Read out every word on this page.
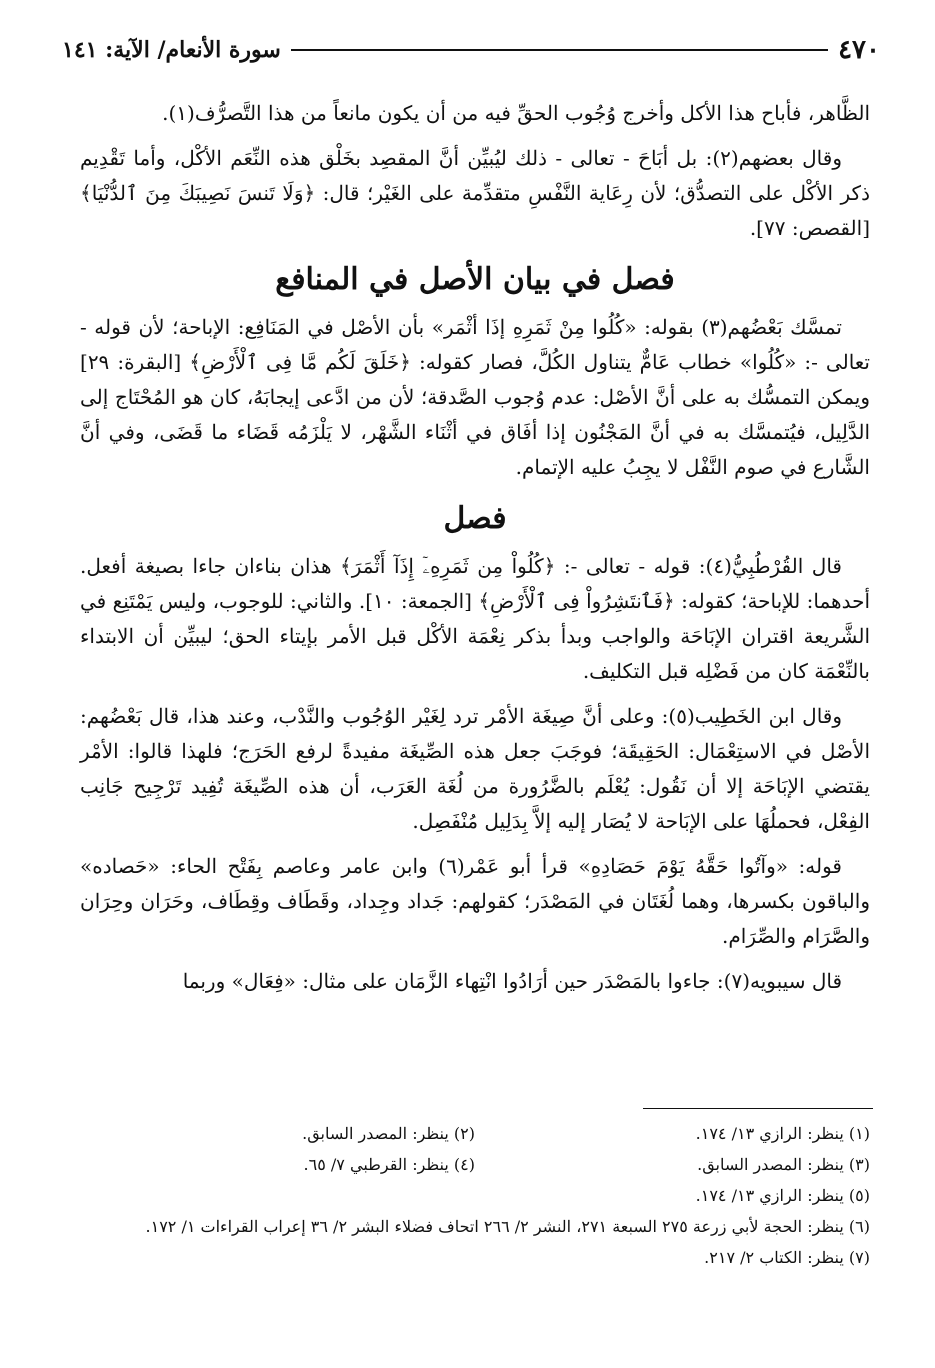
٤٧٠
سورة الأنعام/ الآية: ١٤١

الظَّاهر، فأباح هذا الأكل وأخرج وُجُوب الحقِّ فيه من أن يكون مانعاً من هذا التَّصرُّف(١).

وقال بعضهم(٢): بل أبَاحَ - تعالى - ذلك ليُبيِّن أنَّ المقصِد بخَلْق هذه النِّعَم الأكْل، وأما تَقْدِيم ذكر الأكْل على التصدُّق؛ لأن رِعَاية النَّفْسِ متقدِّمة على الغَيْر؛ قال: ﴿وَلَا تَنسَ نَصِيبَكَ مِنَ ٱلدُّنْيَا﴾ [القصص: ٧٧].

فصل في بيان الأصل في المنافع

تمسَّك بَعْضُهم(٣) بقوله: «كُلُوا مِنْ ثَمَرِهِ إذَا أثْمَر» بأن الأصْل في المَنَافِع: الإباحة؛ لأن قوله - تعالى -: «كُلُوا» خطاب عَامٌّ يتناول الكُلَّ، فصار كقوله: ﴿خَلَقَ لَكُم مَّا فِى ٱلْأَرْضِ﴾ [البقرة: ٢٩] ويمكن التمسُّك به على أنَّ الأصْل: عدم وُجوب الصَّدقة؛ لأن من ادَّعى إيجابَهُ، كان هو المُحْتَاج إلى الدَّلِيل، فيُتمسَّك به في أنَّ المَجْنُون إذا أفَاق في أثْنَاء الشَّهْر، لا يَلْزَمُه قَضَاء ما قَضَى، وفي أنَّ الشَّارع في صوم النَّفْل لا يجِبُ عليه الإتمام.

فصل

قال القُرْطُبِيُّ(٤): قوله - تعالى -: ﴿كُلُواْ مِن ثَمَرِهِۦٓ إِذَآ أَثْمَرَ﴾ هذان بناءان جاءا بصيغة أفعل. أحدهما: للإباحة؛ كقوله: ﴿فَٱنتَشِرُواْ فِى ٱلْأَرْضِ﴾ [الجمعة: ١٠]. والثاني: للوجوب، وليس يَمْتَنِع في الشَّريعة اقتران الإبَاحَة والواجب وبدأ بذكر نِعْمَة الأكْل قبل الأمر بإيتاء الحق؛ ليبيِّن أن الابتداء بالنِّعْمَة كان من فَضْلِه قبل التكليف.

وقال ابن الخَطِيب(٥): وعلى أنَّ صِيغَة الأمْر ترد لِغَيْر الوُجُوب والنَّدْب، وعند هذا، قال بَعْضُهم: الأصْل في الاستِعْمَال: الحَقِيقَة؛ فوجَبَ جعل هذه الصِّيغَة مفيدةً لرفع الحَرَج؛ فلهذا قالوا: الأمْر يقتضي الإبَاحَة إلا أن نَقُول: يُعْلَم بالضَّرُورة من لُغَة العَرَب، أن هذه الصِّيغَة تُفِيد تَرْجِيح جَانِب الفِعْل، فحملُهَا على الإبَاحة لا يُصَار إليه إلاَّ بِدَلِيل مُنْفَصِل.

قوله: «وآتُوا حَقَّهُ يَوْمَ حَصَادِهِ» قرأ أبو عَمْر(٦) وابن عامر وعاصم بِفَتْح الحاء: «حَصاده» والباقون بكسرها، وهما لُغَتَان في المَصْدَر؛ كقولهم: جَداد وجِداد، وقَطَاف وقِطَاف، وحَرَان وحِرَان والصَّرَام والصِّرَام.

قال سيبويه(٧): جاءوا بالمَصْدَر حين أرَادُوا انْتِهاء الزَّمَان على مثال: «فِعَال» وربما

(١) ينظر: الرازي ١٣/ ١٧٤.
(٢) ينظر: المصدر السابق.
(٣) ينظر: المصدر السابق.
(٤) ينظر: القرطبي ٧/ ٦٥.
(٥) ينظر: الرازي ١٣/ ١٧٤.
(٦) ينظر: الحجة لأبي زرعة ٢٧٥ السبعة ٢٧١، النشر ٢/ ٢٦٦ اتحاف فضلاء البشر ٢/ ٣٦ إعراب القراءات ١/ ١٧٢.
(٧) ينظر: الكتاب ٢/ ٢١٧.
